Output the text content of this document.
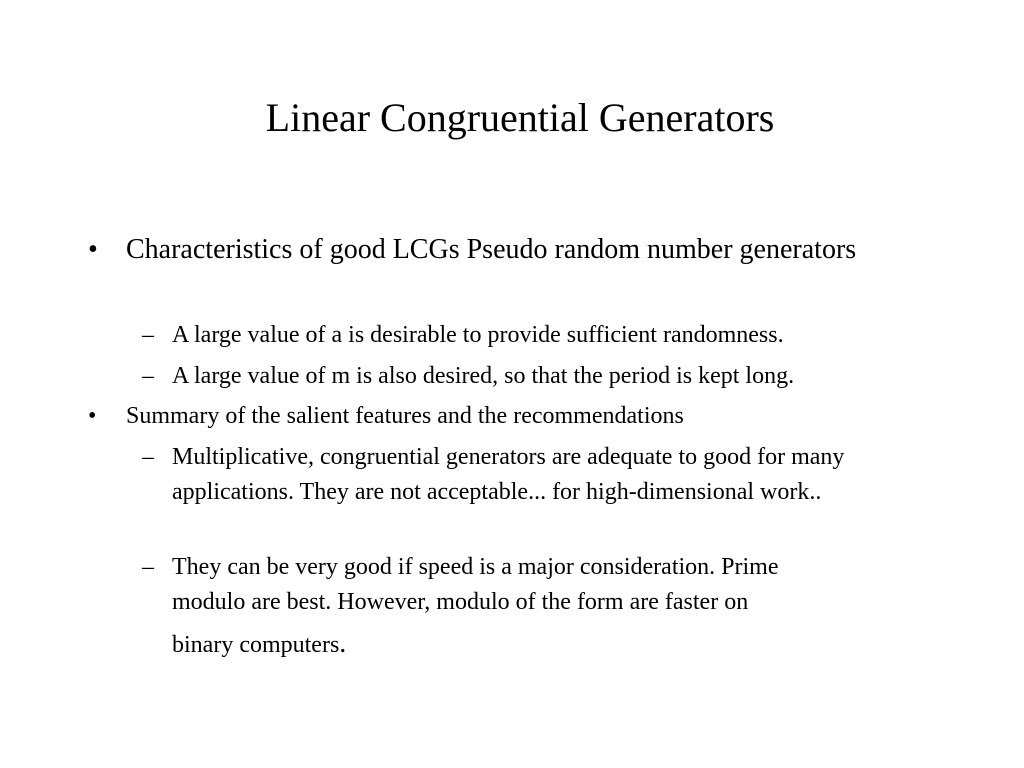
Linear Congruential Generators
• Characteristics of good LCGs Pseudo random number generators
– A large value of a is desirable to provide sufficient randomness.
– A large value of m is also desired, so that the period is kept long.
• Summary of the salient features and the recommendations
– Multiplicative, congruential generators are adequate to good for many applications. They are not acceptable... for high-dimensional work..
– They can be very good if speed is a major consideration. Prime
modulo are best. However, modulo of the form are faster on
binary computers.
